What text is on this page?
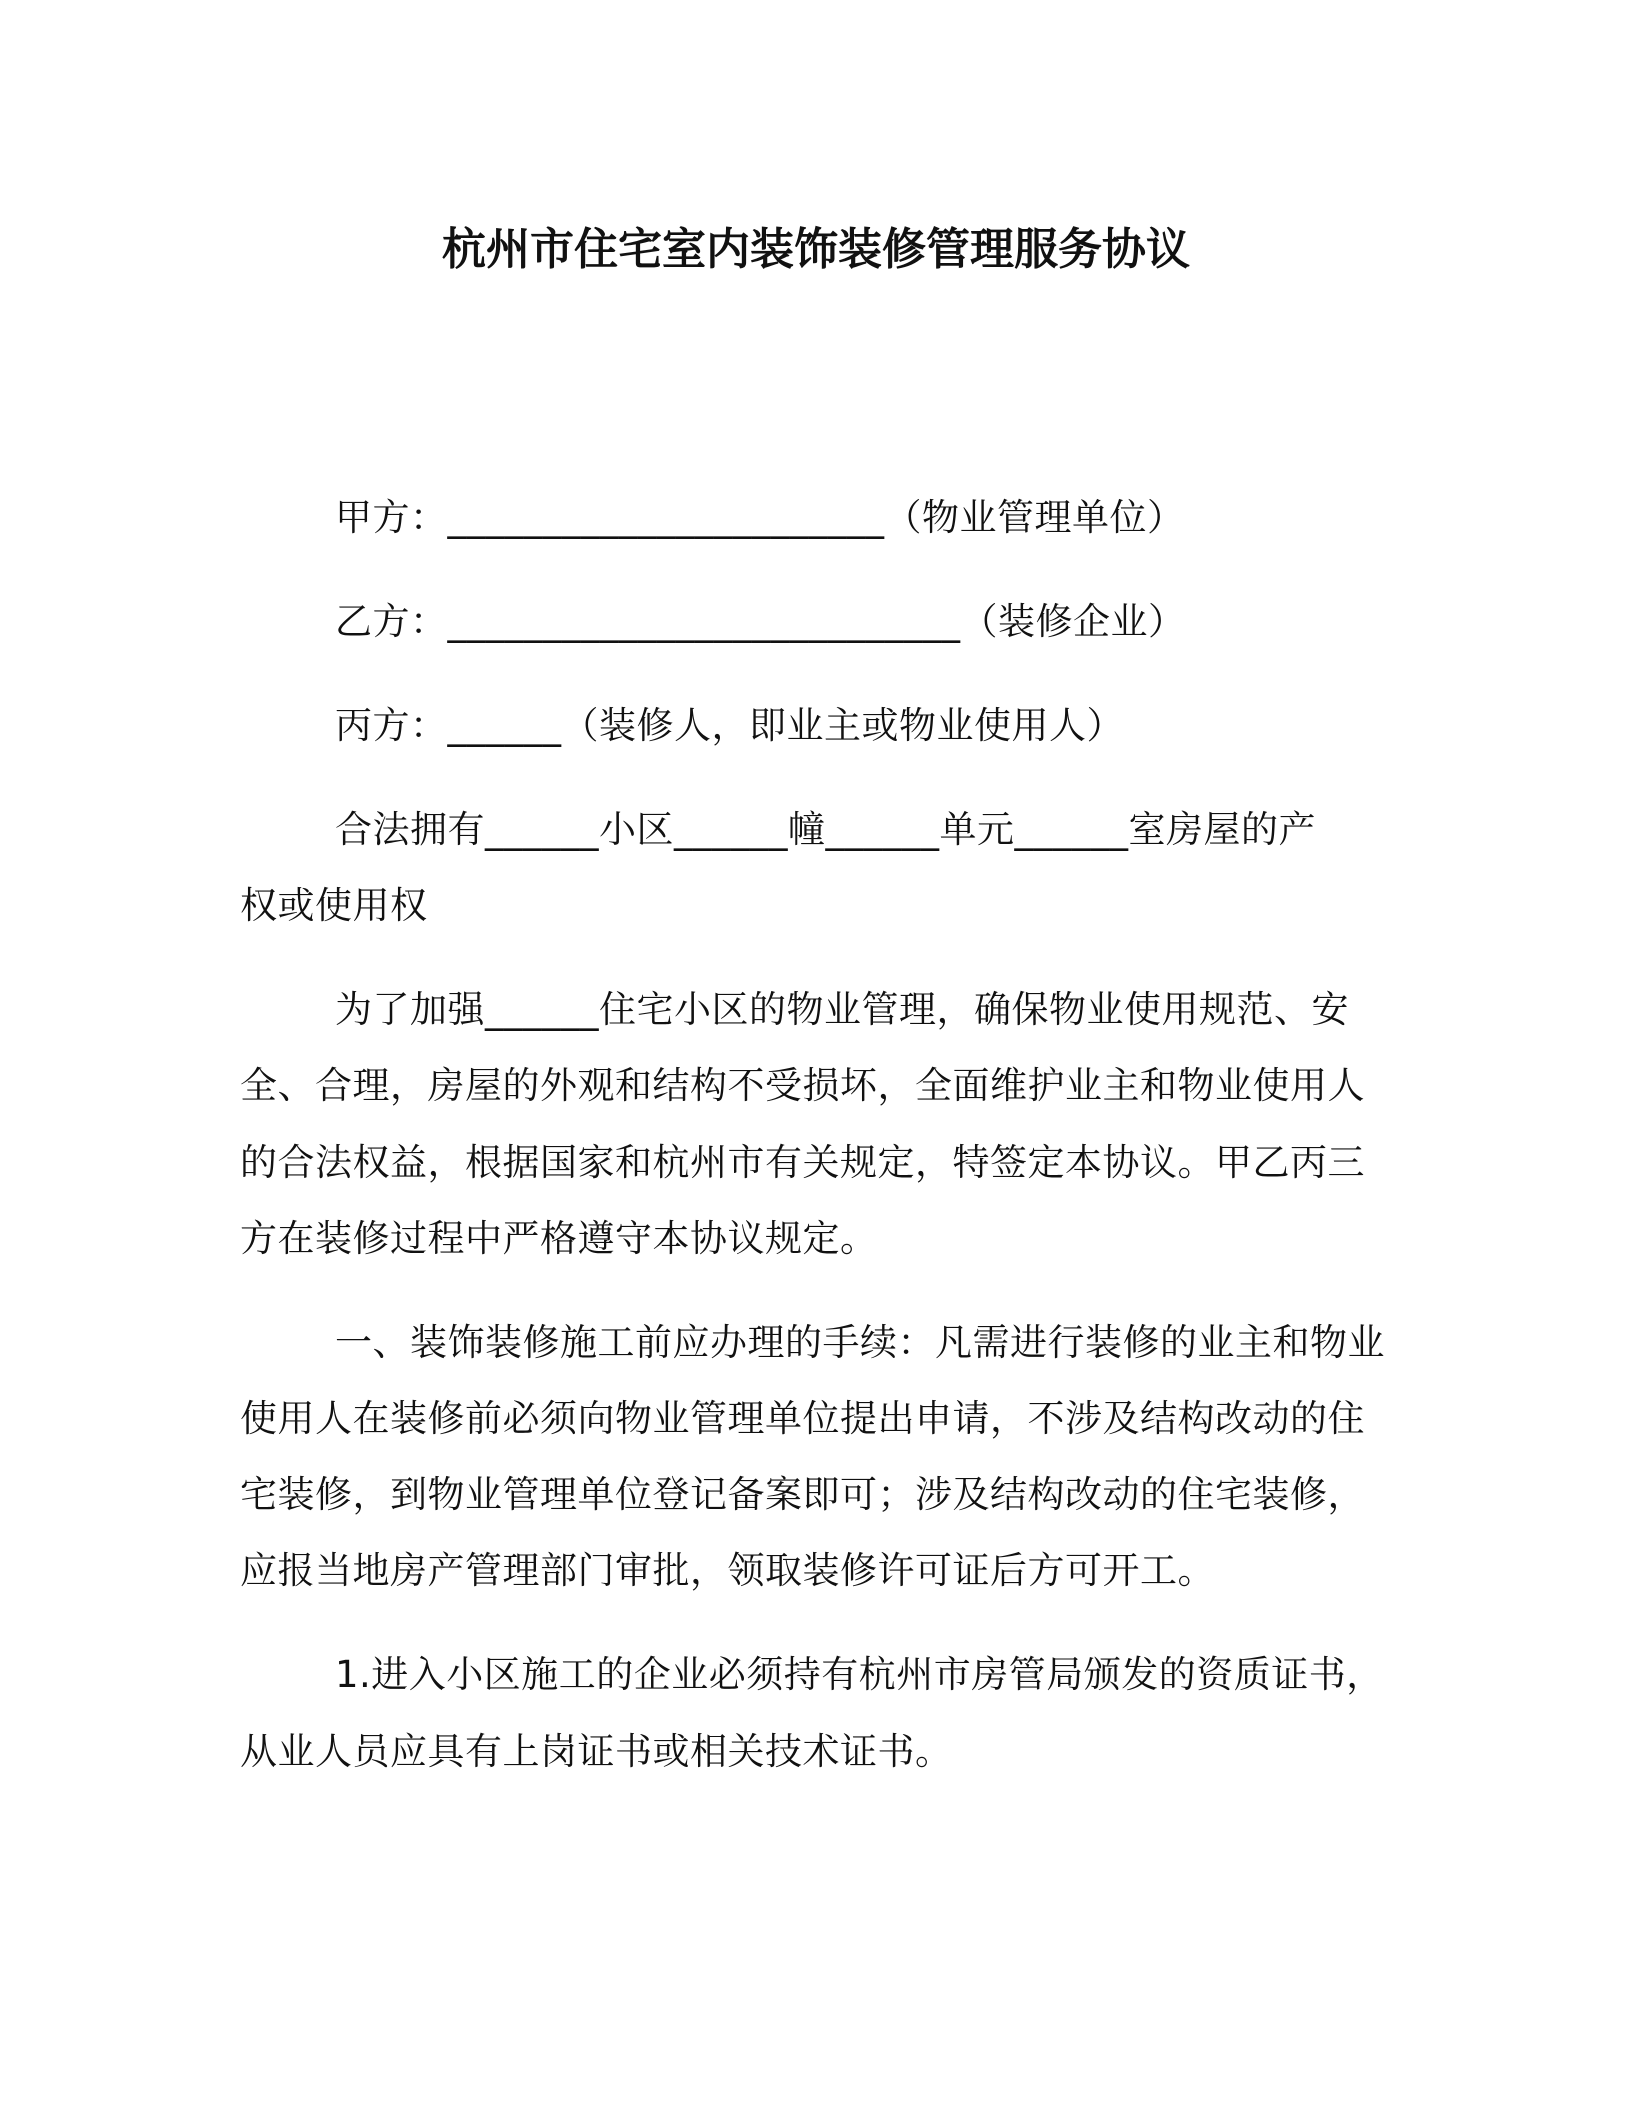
杭州市住宅室内装饰装修管理服务协议
甲方：_______________________（物业管理单位）
乙方：___________________________（装修企业）
丙方：______（装修人，即业主或物业使用人）
合法拥有______小区______幢______单元______室房屋的产
权或使用权
为了加强______住宅小区的物业管理，确保物业使用规范、安
全、合理，房屋的外观和结构不受损坏，全面维护业主和物业使用人
的合法权益，根据国家和杭州市有关规定，特签定本协议。甲乙丙三
方在装修过程中严格遵守本协议规定。
一、装饰装修施工前应办理的手续：凡需进行装修的业主和物业
使用人在装修前必须向物业管理单位提出申请，不涉及结构改动的住
宅装修，到物业管理单位登记备案即可；涉及结构改动的住宅装修，
应报当地房产管理部门审批，领取装修许可证后方可开工。
1.进入小区施工的企业必须持有杭州市房管局颁发的资质证书，
从业人员应具有上岗证书或相关技术证书。
